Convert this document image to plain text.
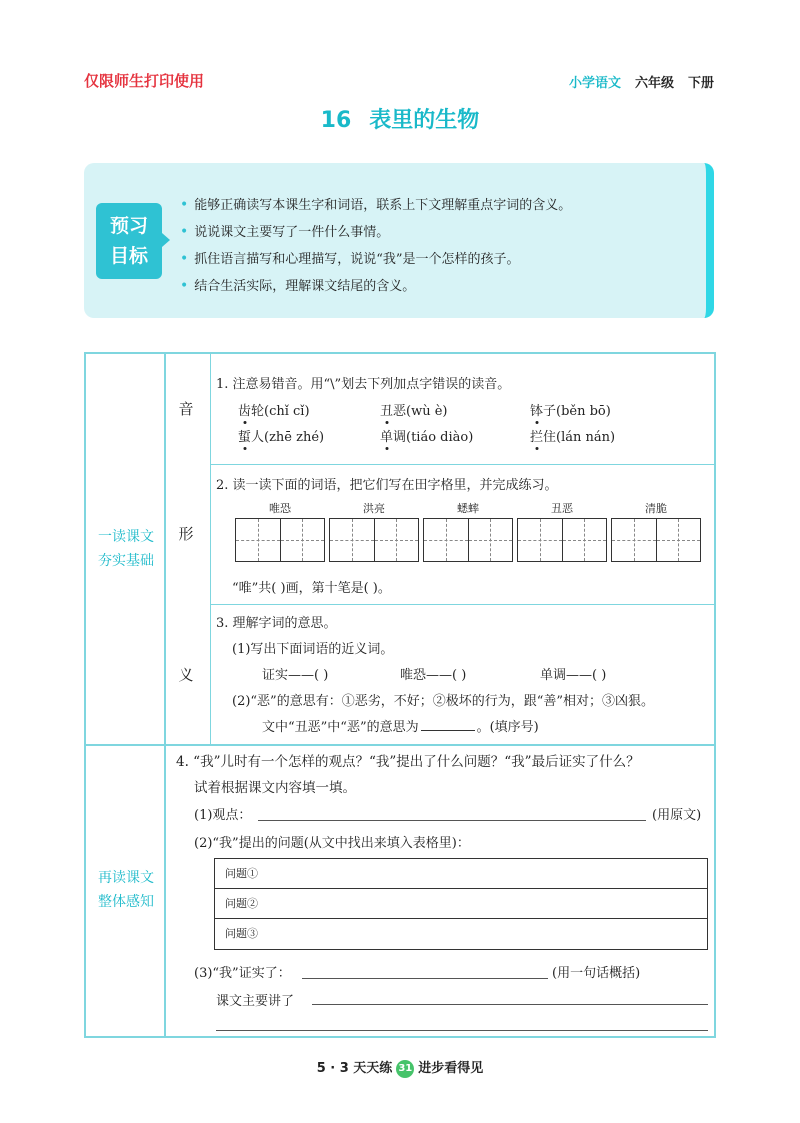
仅限师生打印使用	小学语文 六年级 下册
16 表里的生物
预习
目标
• 能够正确读写本课生字和词语，联系上下文理解重点字词的含义。
• 说说课文主要写了一件什么事情。
• 抓住语言描写和心理描写，说说“我”是一个怎样的孩子。
• 结合生活实际，理解课文结尾的含义。
一读课文
夯实基础
音
形
义
1. 注意易错音。用“\”划去下列加点字错误的读音。
齿轮(chǐ cǐ)	丑恶(wù è)	钵子(běn bō)
蜇人(zhē zhé)	单调(tiáo diào)	拦住(lán nán)
2. 读一读下面的词语，把它们写在田字格里，并完成练习。
唯恐	洪亮	蟋蟀	丑恶	清脆
“唯”共( )画，第十笔是( )。
3. 理解字词的意思。
(1)写出下面词语的近义词。
证实——( )	唯恐——( )	单调——( )
(2)“恶”的意思有：①恶劣，不好；②极坏的行为，跟“善”相对；③凶狠。
文中“丑恶”中“恶”的意思为	。(填序号)
再读课文
整体感知
4. “我”儿时有一个怎样的观点？“我”提出了什么问题？“我”最后证实了什么？
试着根据课文内容填一填。
(1)观点：	(用原文)
(2)“我”提出的问题(从文中找出来填入表格里)：
问题①
问题②
问题③
(3)“我”证实了：	(用一句话概括)
课文主要讲了
5 · 3 天天练 31 进步看得见
